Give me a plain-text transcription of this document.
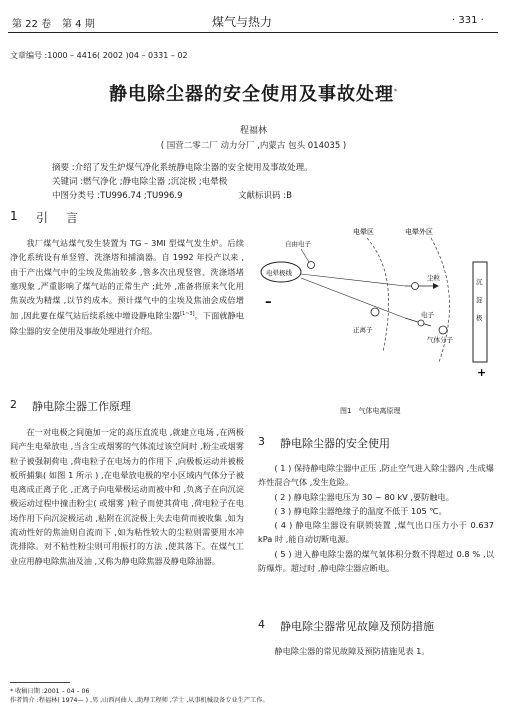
第 22 卷 第 4 期	煤气与热力	· 331 ·
文章编号 :1000 – 4416( 2002 )04 – 0331 – 02
静电除尘器的安全使用及事故处理*
程福林
( 国营二零二厂 动力分厂 ,内蒙古 包头 014035 )
摘要 :介绍了发生炉煤气净化系统静电除尘器的安全使用及事故处理。
关键词 :燃气净化 ;静电除尘器 ;沉淀极 ;电晕极
中图分类号 :TU996.74 ;TU996.9	文献标识码 :B
1 引　言

我厂煤气站煤气发生装置为 TG – 3MI 型煤气发生炉。后续净化系统设有单竖管、洗涤塔和捕滴器。自 1992 年投产以来 ,由于产出煤气中的尘埃及焦油较多 ,管多次出现竖管、洗涤塔堵塞现象 ,严重影响了煤气站的正常生产 ;此外 ,准备将原来气化用焦炭改为精煤 ,以节约成本。预计煤气中的尘埃及焦油会成倍增加 ,因此要在煤气站后续系统中增设静电除尘器[1~3]。下面就静电除尘器的安全使用及事故处理进行介绍。

2 静电除尘器工作原理

在一对电极之间施加一定的高压直流电 ,就建立电场 ,在两极间产生电晕放电 ,当含尘或烟雾的气体流过该空间时 ,粉尘或烟雾粒子被强制荷电 ,荷电粒子在电场力的作用下 ,向极板运动并被极板所捕集( 如图 1 所示 ) ,在电晕放电极的窄小区域内气体分子被电离成正离子化 ,正离子向电晕极运动而被中和 ,负离子在向沉淀极运动过程中撞击粉尘( 或烟雾 )粒子而使其荷电 ,荷电粒子在电场作用下向沉淀极运动 ,粘附在沉淀极上失去电荷而被收集 ,如为流动性好的焦油则自流而下 ,如为粘性较大的尘粒则需要用水冲洗排除。对不粘性粉尘则可用振打的方法 ,使其落下。在煤气工业应用静电除焦油及油 ,又称为静电除焦器及静电除油器。

电晕区	电晕外区
自由电子
电晕极线
–
尘粒
正离子
电子
气体分子
沉
淀
极
+
图1　气体电离原理
3 静电除尘器的安全使用

( 1 ) 保持静电除尘器中正压 ,防止空气进入除尘器内 ,生成爆炸性混合气体 ,发生危险。

( 2 ) 静电除尘器电压为 30 ~ 80 kV ,要防触电。

( 3 ) 静电除尘器绝缘子的温度不低于 105 ℃。

( 4 ) 静电除尘器设有联锁装置 ,煤气出口压力小于 0.637 kPa 时 ,能自动切断电源。

( 5 ) 进入静电除尘器的煤气氧体积分数不得超过 0.8 % ,以防爆炸。超过时 ,静电除尘器应断电。

4 静电除尘器常见故障及预防措施

静电除尘器的常见故障及预防措施见表 1。

* 收稿日期 :2001 – 04 – 06
作者简介 :程福林( 1974— ) ,男 ,山西河曲人 ,助理工程师 ,学士 ,从事机械设备专业生产工作。
